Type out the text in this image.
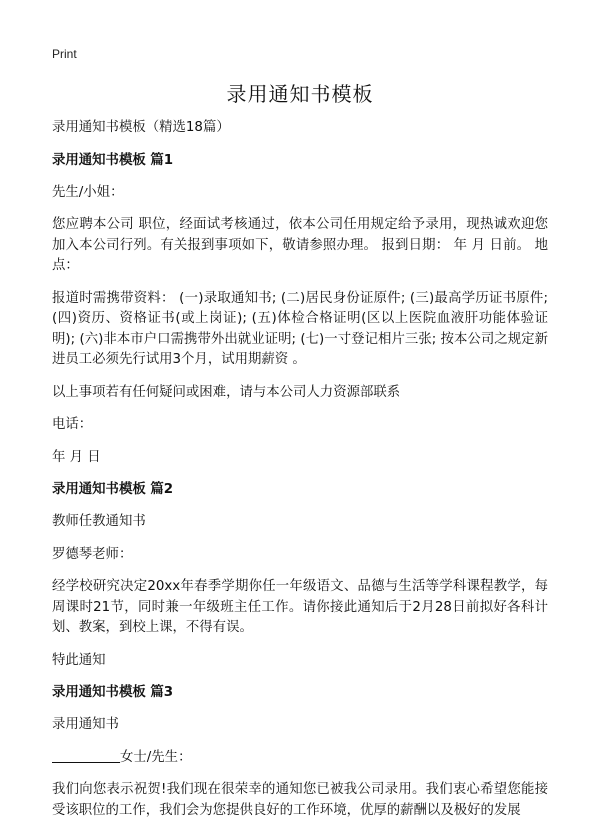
Print
录用通知书模板

录用通知书模板（精选18篇）

录用通知书模板 篇1

先生/小姐：

您应聘本公司 职位，经面试考核通过，依本公司任用规定给予录用，现热诚欢迎您加入本公司行列。有关报到事项如下，敬请参照办理。 报到日期： 年 月 日前。 地点：

报道时需携带资料： (一)录取通知书; (二)居民身份证原件; (三)最高学历证书原件; (四)资历、资格证书(或上岗证); (五)体检合格证明(区以上医院血液肝功能体验证明); (六)非本市户口需携带外出就业证明; (七)一寸登记相片三张; 按本公司之规定新进员工必须先行试用3个月，试用期薪资 。

以上事项若有任何疑问或困难，请与本公司人力资源部联系

电话：

年 月 日

录用通知书模板 篇2

教师任教通知书

罗德琴老师：

经学校研究决定20xx年春季学期你任一年级语文、品德与生活等学科课程教学，每周课时21节，同时兼一年级班主任工作。请你接此通知后于2月28日前拟好各科计划、教案，到校上课，不得有误。

特此通知

录用通知书模板 篇3

录用通知书

女士/先生：

我们向您表示祝贺!我们现在很荣幸的通知您已被我公司录用。我们衷心希望您能接受该职位的工作，我们会为您提供良好的工作环境，优厚的薪酬以及极好的发展
